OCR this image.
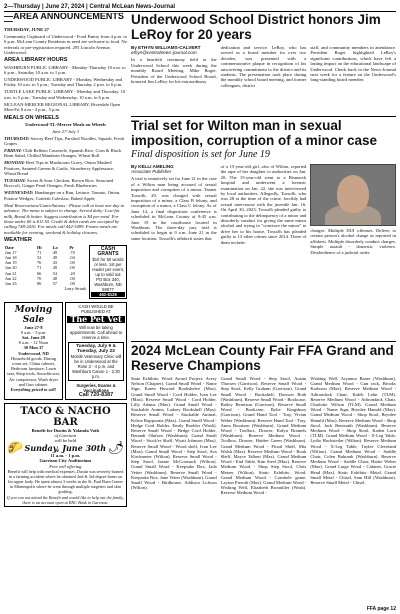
2—Thursday | June 27, 2024 | Central McLean News-Journal
—AREA ANNOUNCEMENTS—

THURSDAY, JUNE 27

Community Cupboard of Underwood - Food Pantry from 4 p.m. to 6 p.m. McLean County Residents in need are welcome to food. No referrals or pre-registration required. 295 Lincoln Avenue, Underwood.

AREA LIBRARY HOURS

WASHBURN PUBLIC LIBRARY - Monday-Thursday 10 a.m. to 6 p.m., Saturday 10 a.m. to 1 p.m.

UNDERWOOD PUBLIC LIBRARY - Monday, Wednesday and Friday 10 a.m. to 5 p.m.; Tuesday and Thursday 2 p.m. to 6 p.m.

TURTLE LAKE PUBLIC LIBRARY - Monday and Thursday, 10 a.m. to 5 p.m.; Tuesday and Wednesday, 10 a.m. to 6 p.m.

MCLEAN-MERCER REGIONAL LIBRARY, Riverdale Open Mon-Fri 8 a.m.- 4 p.m., 5 p.m.

MEALS ON WHEELS

Underwood-TL-Mercer Meals on Wheels

June 27-July 3

THURSDAY: Savory Beef Tips, Parslied Noodles, Squash, Fresh Grapes

FRIDAY: Chili Relleno Casserole, Spanish Rice, Corn & Black Bean Salad, Chilled Mandarin Oranges, Wheat Roll

MONDAY: Beef Tips in Mushroom Gravy, Onion Mashed Potatoes, Sauteed Greens & Garlic, Strawberry Applesauce, Wheat Bread

TUESDAY: Sweet & Sour Chicken, Brown Rice, Seasoned Broccoli, Ginger Pearl Oranges, Fresh Blueberries

WEDNESDAY: Hamburger on a Bun, Lettuce, Tomato, Onion, Potatoe Wedges, Confetti Coleslaw, Baked Apple

Meal Reservations/Cancellations - Please call at least one day in advance. The menu is subject to change. Served daily: Low-fat milk, Bread & butter. Suggest contribution is $4 per meal. For those under 60 is $11.50. Credit & debit cards are accepted by calling 748-2416. For meals call 442-3499. Frozen meals are available for evening, weekend & holiday closures.

WEATHER
Date	Hi	Lo	Pr
Jun 17	71	49	.70
Jun 18	52	49	.04
Jun 19	76	43	.00
Jun 20	71	49	.00
Jun 21	66	54	.20
Jun 22	76	48	.00
Jun 23	86	57	.00
Larry Strunk
CASH GRANTS
$10 for 50 words or less. 1st per
reader per event, up to sold out
PO Box 340, Washburn, ND 58577
462-8126
Moving Sale
June 27-8
9 a.m. - 5 p.m.
Sat. June 29
8 a.m. - 12 Noon
30 Mon 37
Underwood, ND
Household goods, Dining room set, China cabinet, Bedroom furniture, Lawn seat, Shop tools, Snowblower, Air compressor, Wash dryer and Gun cabinet.
Everything priced to sell!
CASH WOULD BE PUBLISHED AT
The Pet Vet
Will now be taking appointments. Call ahead to reserve a time.
Tuesday, July 9 &
Tuesday, July 23
Mobile Veterinary Clinic will be in Underwood at the Rose 3 - 4 p.m. and Washburn Canoe 1 - 2:30 p.m.
Surgeries, Exams & Vaccinations
Call 720-8387
TACO & NACHO BAR
🌮
Benefit for Dustin & Yolanda Voth
of Garrison
will be held
Sunday, June 30th
11 a.m. - 1 p.m.
Garrison City Auditorium
Free will offering
🌶
Benefit will help with medical expenses. Dustin was severely burned in a farming accident where he obtained 2nd & 3rd degree burns on his upper body. He spent almost 3 weeks in the St. Paul Burn Center in Minneapolis where he went through multiple surgeries and skin grafting.
If you can not attend the Benefit and would like to help out the family, there is an account open at BNC Bank in Garrison.
Underwood School District honors Jim LeRoy for 20 years
By ETHYN WILLIAMS-CALVERT
ethyn@centralnews-journal.com
In a heartfelt ceremony held at the Underwood School this week during the monthly Board Meeting, Mike Boger, President of the Underwood School Board, honored Jim LeRoy for his extraordinary
dedication and service. LeRoy, who has served as a board member for over two decades, was presented with a commemorative plaque in recognition of his unwavering commitment to the district and its students. The presentation took place during the monthly school board meeting, and former colleagues, district
staff, and community members in attendance. President Boger highlighted LeRoy's significant contributions, which have left a lasting impact on the educational landscape of Underwood. Check back in the News-Journal next week for a feature on the Underwood's long-standing board member.
Trial set for Wilton man in sexual imposition, corruption of a minor case
Final disposition is set for June 19
By KELLI AMELING
Associate Publisher
A trial is tentatively set for June 21 in the case of a Wilton man being accused of sexual imposition and corruption of a minor. Tanner Tossofh, 29, was charged with sexual imposition of a minor, a Class B felony, and corruption of a minor, a Class C felony. As of June 14, a final disposition conference is scheduled in McLean County at 9:45 a.m. June 19 in the courthouse located in Washburn. The three-day jury trial is scheduled to begin at 9 a.m. June 21 in the same location. Tossofh's affidavit states that
of a 15-year-old girl, also of Wilton, reported the rape of her daughter to authorities on Jan. 20. The 15-year-old went to a Bismarck hospital and underwent a forensic examination on Jan. 22, she was interviewed by local authorities. Allegedly, Tossofh, who was 28 at the time of the crime, forcibly had sexual intercourse with the juvenile Jan. 16. On April 30, 2023, Tossofh pleaded guilty to contributing to the delinquency of a minor and disorderly conduct for giving the same minor alcohol and trying to "convince the minor" to drive her to his house. Tossofh has pleaded guilty to 13 other crimes since 2014. Three of them include:
charges. Multiple DUI offenses. Deliver to certain person's alcohol charge as reported in affidavit. Multiple disorderly conduct charges. Simple assault - domestic violence. Disobedience of a judicial order.
2024 McLean County Fair FFA Grand and Reserve Champions
State Exhibits: Wood Award Project: Avery Nelson (Chapter). Grand Small Wood - Name Sign, Karen Howard Bookshelve (Max). Grand Small Wood - Cord Holder, Ivan Lee (Max). Reserve Small Wood - Cord Holder, Lilly Adams (Max). Grand Small Wood - Stackable Anima, Ladzey Bookshell (Max). Reserve Small Wood - Stackable Animal, Kelsie Ruppsonia (Max). Grand Small Wood - Hedge Cord Holder, Emily Boehler (Wash). Reserve Small Wood - Hedge Cord Holder, Berandt Olafsen (Washburn). Grand Small Wood - Stock'er Shelf, Wyatt Johnson (Max). Reserve Small Wood - Wood shelf, Ivan Lee (Max). Grand Small Wood - Step Stool, Ava Kirchmeier (Wilton). Reserve Small Wood - Step Stool, Jaanie McCormack (Wilton). Grand Small Wood - Keepsake Box, Jada Vetter (Washburn). Reserve Small Wood - Keepsake Box, Jane Vetter (Washburn). Grand Small Wood - Birdhouse, Addison Loftson (Wilton).
Grand Small Wood - Step Stool, Austin Thorsen (Garrison). Reserve Small Wood - Step Stool, Kelly Graham (Garrison). Grand Small Wood - Bookshelf, Dawson Roth (Washburn). Reserve Small Wood - Bookcase, Bailey Berntson (Garrison). Reserve Small Wood - Bookcase, Rylie Kingsbury (Garrison). Grand Hand Tool - Tray, Vivian Weber (Washburn). Reserve Hand Tool - Tray, Anna Rosatsen (Washburn). Grand Medium Wood - Toolbox, Drawer, Kalyn Bramels (Washburn). Reserve Medium Wood - Toolbox, Drawer, Haidee Green (Washburn). Grand Medium Wood - Floral Shelf, Mia Walsh (Max). Reserve Medium Wood - Book Shelf, Mayce Talbert (Max). Grand Medium Wood - End Table, Kim Steel (Max). Reserve Medium Wood - Shop Step Stool, Chris Metzer (Wilton). Static Exhibits: Wood. Grand Medium Wood - Cornhole game, Layton Pieroth (Max). Grand Medium Wood - Wishing Well, Elizabeth Bronnliler (Wash). Reserve Medium Wood -
Wishing Well, Aryanna Bauer (Washburn). Grand Medium Wood - Gun rack, Brooks Karlsson (Max). Reserve Medium Wood - Adirondack Chair, Kaleb Lehn (TLM). Reserve Medium Wood - Adirondack Chair, Charlotte Wilson (TLM). Grand Medium Wood - Name Sign, Brynlee Hanuld (Max). Grand Medium Wood - Shop Stool, Brynlee Hanuld (Max). Reserve Medium Wood - Shop Stool, Jack Bentsrath (Washburn). Reserve Medium Wood - Shop Stool, Kaden Lorn (TLM). Grand Medium Wood - X-Leg Table, Lydia Hochstetler (Wilton). Reserve Medium Wood - X-Leg Table, Taylee Cleveland (Wilton). Grand Medium Wood - Saddle Chair, Colen Bahrank (Washburn). Reserve Medium Wood - Saddle Chair, Hattie Weber (Max). Grand Large Wood - Cabinet, Gracie Head (Max). Static Exhibits: Metal. Grand Small Metal - Chisel, Sam Hill (Washburn). Reserve Small Metal - Chisel,
FFA page 12
